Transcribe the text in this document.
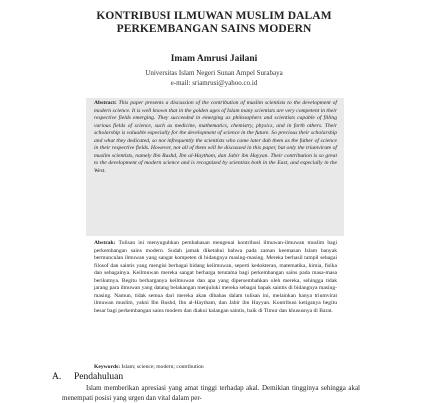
KONTRIBUSI ILMUWAN MUSLIM DALAM
PERKEMBANGAN SAINS MODERN
Imam Amrusi Jailani
Universitas Islam Negeri Sunan Ampel Surabaya
e-mail: sriamrusi@yahoo.co.id
Abstract: This paper presents a discussion of the contribution of muslim scientists to the development of modern science. It is well known that in the golden ages of Islam many scientists are very competent in their respective fields emerging. They succeeded in emerging as philosophers and scientists capable of filling various fields of science, such as medicine, mathematics, chemistry, physics, and in forth others. Their scholarship is valuable especially for the development of science in the future. So precious their scholarship and what they dedicated, so not infrequently the scientists who came later dub them as the father of science in their respective fields. However, not all of them will be discussed in this paper, but only the triumvirate of muslim scientists, namely Ibn Rushd, Ibn al-Haytham, dan Jabir ibn Hayyan. Their contribution is so great to the development of modern science and is recognized by scientists both in the East, and especially in the West.
Abstrak: Tulisan ini menyuguhkan pembahasan mengenai kontribusi ilmuwan-ilmuwan muslim bagi perkembangan sains modern. Sudah jamak diketahui bahwa pada zaman keemasan Islam banyak bermunculan ilmuwan yang sangat kompeten di bidangnya masing-masing. Mereka berhasil tampil sebagai filosof dan saintis yang mengisi berbagai bidang keilmuwan, seperti kedokteran, matematika, kimia, fisika dan sebagainya. Keilmuwan mereka sangat berharga terutama bagi perkembangan sains pada masa-masa berikutnya. Begitu berharganya keilmuwan dan apa yang dipersembahkan oleh mereka, sehingga tidak jarang para ilmuwan yang datang belakangan menjuluki mereka sebagai bapak saintis di bidangnya masing-masing. Namun, tidak semua dari mereka akan dibahas dalam tulisan ini, melainkan hanya triumvirat ilmuwan muslim, yakni Ibn Rushd, Ibn al-Haytham, dan Jabir ibn Hayyan. Kontribusi ketiganya begitu besar bagi perkembangan sains modern dan diakui kalangan saintis, baik di Timur dan khususnya di Barat.
Keywords: Islam; science; modern; contribution
A. Pendahuluan
Islam memberikan apresiasi yang amat tinggi terhadap akal. Demikian tingginya sehingga akal menempati posisi yang urgen dan vital dalam per-
